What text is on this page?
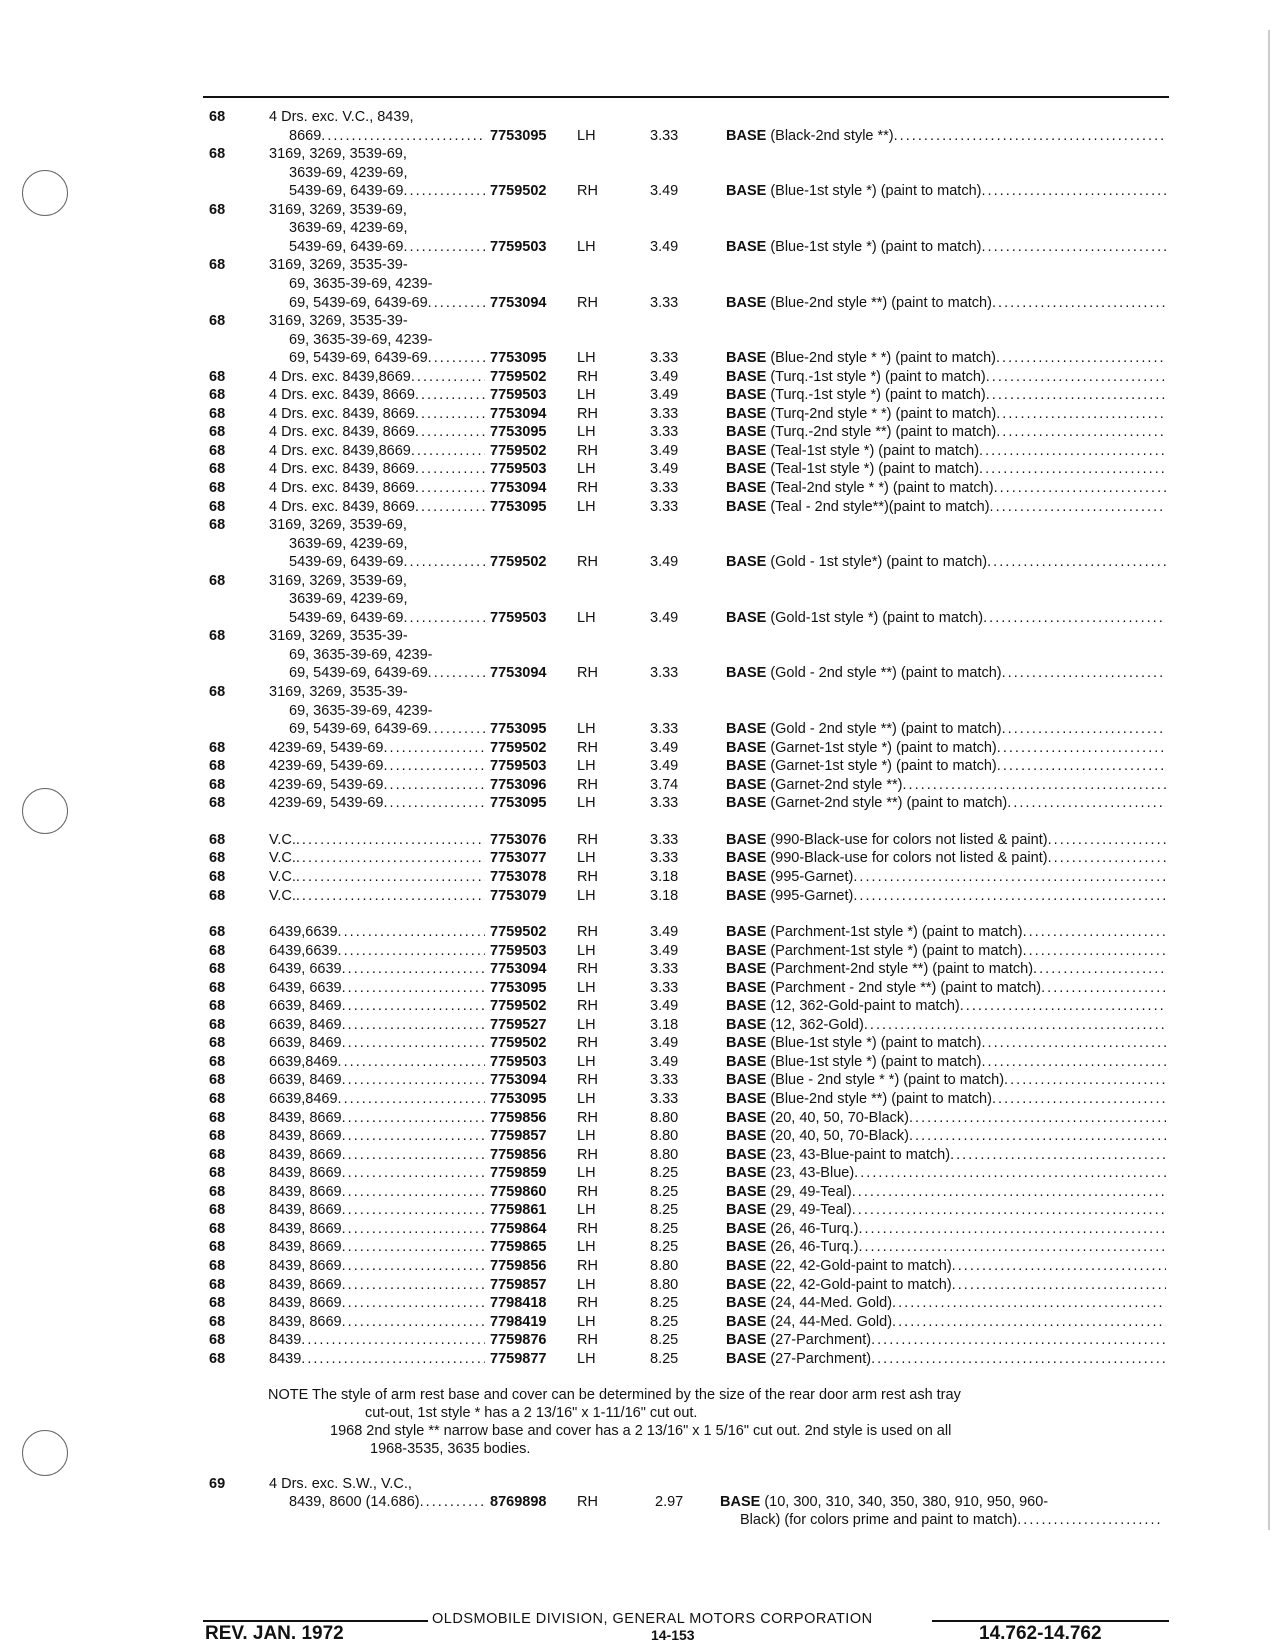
68	4 Drs. exc. V.C., 8439,
8669 . . .	7753095 LH	3.33	BASE (Black-2nd style **)
. . .
68	3169, 3269, 3539-69,
3639-69, 4239-69,
5439-69, 6439-69 . . .	7759502 RH	3.49	BASE (Blue-1st style *) (paint to match)
. . .
68	3169, 3269, 3539-69,
3639-69, 4239-69,
5439-69, 6439-69 . . .	7759503 LH	3.49	BASE (Blue-1st style *) (paint to match)
. . .
68	3169, 3269, 3535-39-
69, 3635-39-69, 4239-
69, 5439-69, 6439-69 . . .	7753094 RH	3.33	BASE (Blue-2nd style **) (paint to match)
. . .
68	3169, 3269, 3535-39-
69, 3635-39-69, 4239-
69, 5439-69, 6439-69 . . .	7753095 LH	3.33	BASE (Blue-2nd style * *) (paint to match)
. . .
68	4 Drs. exc. 8439,8669 . . .	7759502 RH	3.49	BASE (Turq.-1st style *) (paint to match)
. . .
68	4 Drs. exc. 8439, 8669 . . .	7759503 LH	3.49	BASE (Turq.-1st style *) (paint to match)
. . .
68	4 Drs. exc. 8439, 8669 . . .	7753094 RH	3.33	BASE (Turq-2nd style * *) (paint to match)
. . .
68	4 Drs. exc. 8439, 8669 . . .	7753095 LH	3.33	BASE (Turq.-2nd style **) (paint to match)
. . .
68	4 Drs. exc. 8439,8669 . . .	7759502 RH	3.49	BASE (Teal-1st style *) (paint to match)
. . .
68	4 Drs. exc. 8439, 8669 . . .	7759503 LH	3.49	BASE (Teal-1st style *) (paint to match)
. . .
68	4 Drs. exc. 8439, 8669 . . .	7753094 RH	3.33	BASE (Teal-2nd style * *) (paint to match)
. . .
68	4 Drs. exc. 8439, 8669 . . .	7753095 LH	3.33	BASE (Teal - 2nd style**)(paint to match)
. . .
68	3169, 3269, 3539-69,
3639-69, 4239-69,
5439-69, 6439-69 . . .	7759502 RH	3.49	BASE (Gold - 1st style*) (paint to match)
. . .
68	3169, 3269, 3539-69,
3639-69, 4239-69,
5439-69, 6439-69 . . .	7759503 LH	3.49	BASE (Gold-1st style *) (paint to match)
. . .
68	3169, 3269, 3535-39-
69, 3635-39-69, 4239-
69, 5439-69, 6439-69 . . .	7753094 RH	3.33	BASE (Gold - 2nd style **) (paint to match)
. . .
68	3169, 3269, 3535-39-
69, 3635-39-69, 4239-
69, 5439-69, 6439-69 . . .	7753095 LH	3.33	BASE (Gold - 2nd style **) (paint to match)
. . .
68	4239-69, 5439-69 . . .	7759502 RH	3.49	BASE (Garnet-1st style *) (paint to match)
. . .
68	4239-69, 5439-69 . . .	7759503 LH	3.49	BASE (Garnet-1st style *) (paint to match)
. . .
68	4239-69, 5439-69 . . .	7753096 RH	3.74	BASE (Garnet-2nd style **)
. . .
68	4239-69, 5439-69 . . .	7753095 LH	3.33	BASE (Garnet-2nd style **) (paint to match)
. . .
68	V.C. . . .	7753076 RH	3.33	BASE (990-Black-use for colors not listed & paint)
. . .
68	V.C. . . .	7753077 LH	3.33	BASE (990-Black-use for colors not listed & paint)
. . .
68	V.C. . . .	7753078 RH	3.18	BASE (995-Garnet)
. . .
68	V.C. . . .	7753079 LH	3.18	BASE (995-Garnet)
. . .
68	6439,6639 . . .	7759502 RH	3.49	BASE (Parchment-1st style *) (paint to match)
. . .
68	6439,6639 . . .	7759503 LH	3.49	BASE (Parchment-1st style *) (paint to match)
. . .
68	6439, 6639 . . .	7753094 RH	3.33	BASE (Parchment-2nd style **) (paint to match)
. . .
68	6439, 6639 . . .	7753095 LH	3.33	BASE (Parchment - 2nd style **) (paint to match)
. . .
68	6639, 8469 . . .	7759502 RH	3.49	BASE (12, 362-Gold-paint to match)
. . .
68	6639, 8469 . . .	7759527 LH	3.18	BASE (12, 362-Gold)
. . .
68	6639, 8469 . . .	7759502 RH	3.49	BASE (Blue-1st style *) (paint to match)
. . .
68	6639,8469 . . .	7759503 LH	3.49	BASE (Blue-1st style *) (paint to match)
. . .
68	6639, 8469 . . .	7753094 RH	3.33	BASE (Blue - 2nd style * *) (paint to match)
. . .
68	6639,8469 . . .	7753095 LH	3.33	BASE (Blue-2nd style **) (paint to match)
. . .
68	8439, 8669 . . .	7759856 RH	8.80	BASE (20, 40, 50, 70-Black)
. . .
68	8439, 8669 . . .	7759857 LH	8.80	BASE (20, 40, 50, 70-Black)
. . .
68	8439, 8669 . . .	7759856 RH	8.80	BASE (23, 43-Blue-paint to match)
. . .
68	8439, 8669 . . .	7759859 LH	8.25	BASE (23, 43-Blue)
. . .
68	8439, 8669 . . .	7759860 RH	8.25	BASE (29, 49-Teal)
. . .
68	8439, 8669 . . .	7759861 LH	8.25	BASE (29, 49-Teal)
. . .
68	8439, 8669 . . .	7759864 RH	8.25	BASE (26, 46-Turq.)
. . .
68	8439, 8669 . . .	7759865 LH	8.25	BASE (26, 46-Turq.)
. . .
68	8439, 8669 . . .	7759856 RH	8.80	BASE (22, 42-Gold-paint to match)
. . .
68	8439, 8669 . . .	7759857 LH	8.80	BASE (22, 42-Gold-paint to match)
. . .
68	8439, 8669 . . .	7798418 RH	8.25	BASE (24, 44-Med. Gold)
. . .
68	8439, 8669 . . .	7798419 LH	8.25	BASE (24, 44-Med. Gold)
. . .
68	8439 . . .	7759876 RH	8.25	BASE (27-Parchment)
. . .
68	8439 . . .	7759877 LH	8.25	BASE (27-Parchment)
. . .
NOTE The style of arm rest base and cover can be determined by the size of the rear door arm rest ash tray
cut-out, 1st style * has a 2 13/16" x 1-11/16" cut out.
1968 2nd style ** narrow base and cover has a 2 13/16" x 1 5/16" cut out. 2nd style is used on all
1968-3535, 3635 bodies.
69	4 Drs. exc. S.W., V.C.,
8439, 8600 (14.686) . . .	8769898 RH	2.97	BASE (10, 300, 310, 340, 350, 380, 910, 950, 960-
Black) (for colors prime and paint to match)
. . .
OLDSMOBILE DIVISION, GENERAL MOTORS CORPORATION
REV. JAN. 1972	14-153	14.762-14.762
